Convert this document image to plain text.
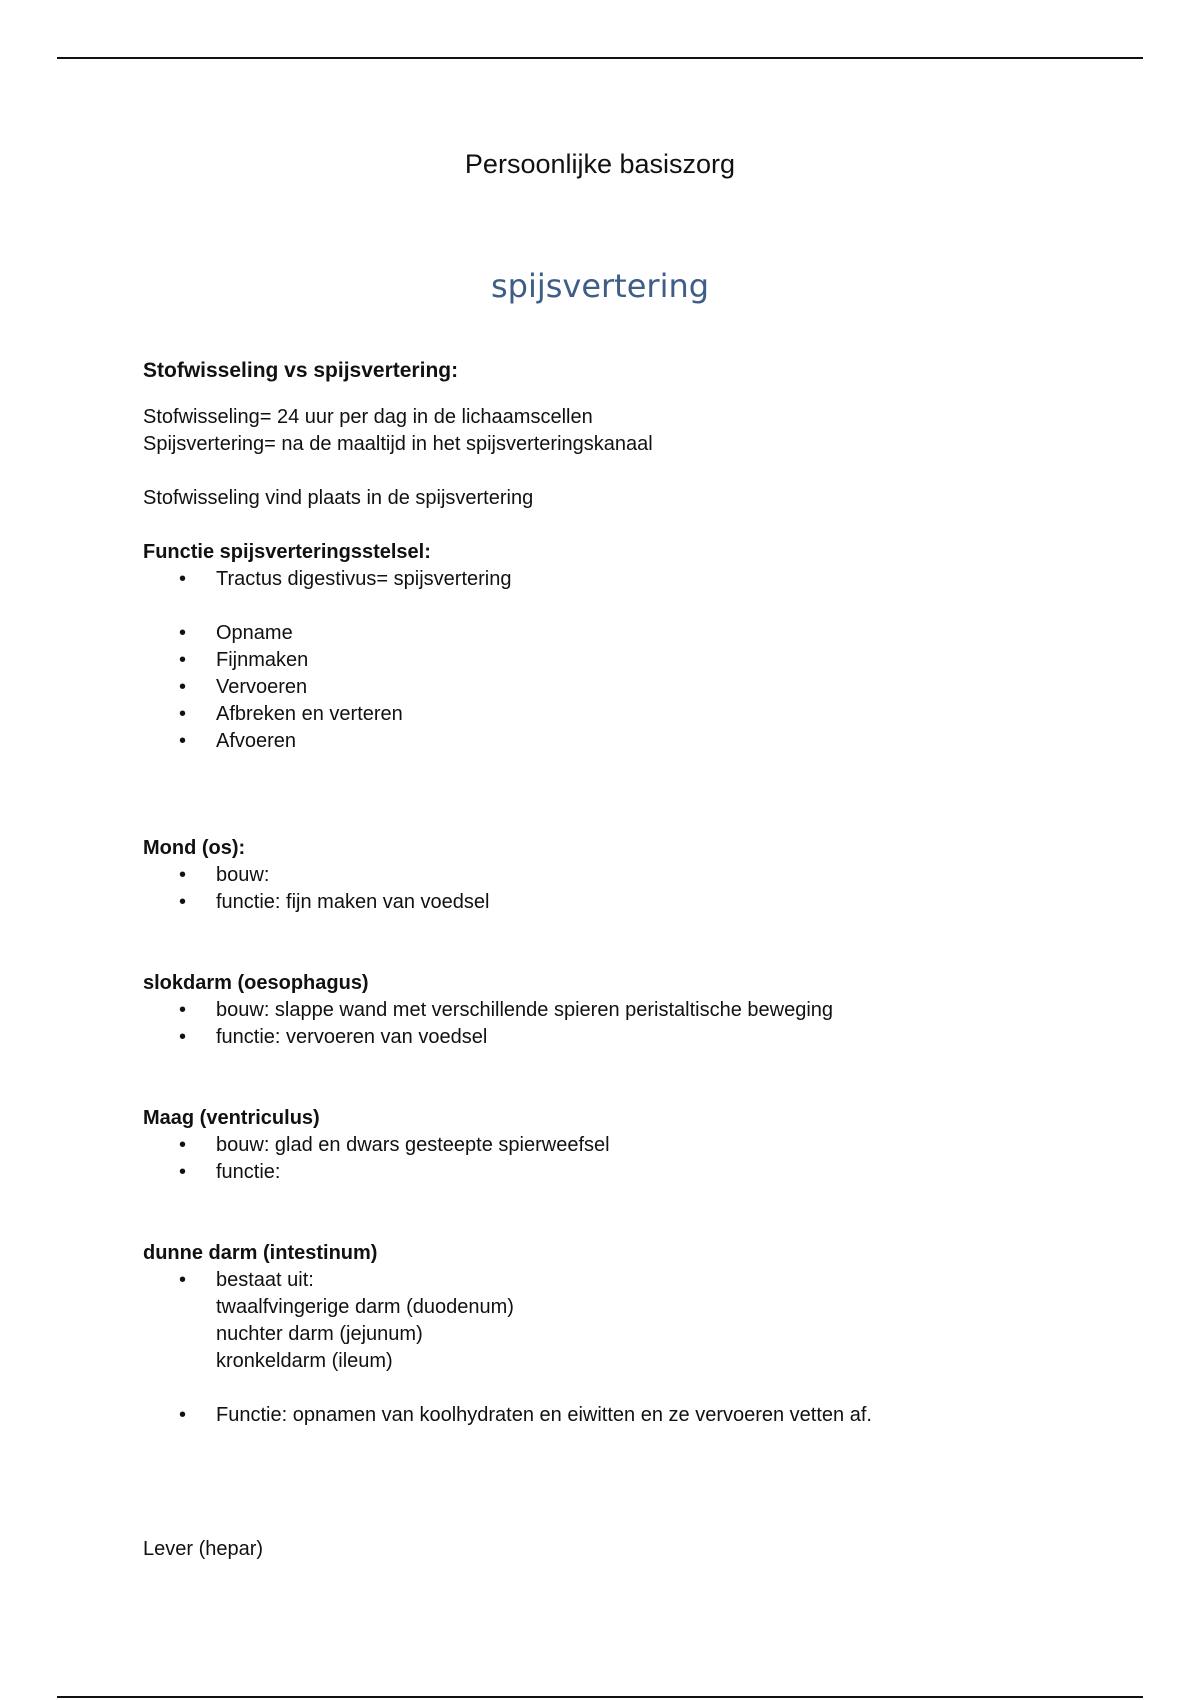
Persoonlijke basiszorg
spijsvertering
Stofwisseling vs spijsvertering:

Stofwisseling= 24 uur per dag in de lichaamscellen

Spijsvertering= na de maaltijd in het spijsverteringskanaal

Stofwisseling vind plaats in de spijsvertering

Functie spijsverteringsstelsel:
• Tractus digestivus= spijsvertering
• Opname
• Fijnmaken
• Vervoeren
• Afbreken en verteren
• Afvoeren
Mond (os):
• bouw:
• functie: fijn maken van voedsel
slokdarm (oesophagus)
• bouw: slappe wand met verschillende spieren peristaltische beweging
• functie: vervoeren van voedsel
Maag (ventriculus)
• bouw: glad en dwars gesteepte spierweefsel
• functie:
dunne darm (intestinum)
• bestaat uit:
twaalfvingerige darm (duodenum)
nuchter darm (jejunum)
kronkeldarm (ileum)
• Functie: opnamen van koolhydraten en eiwitten en ze vervoeren vetten af.

Lever (hepar)
